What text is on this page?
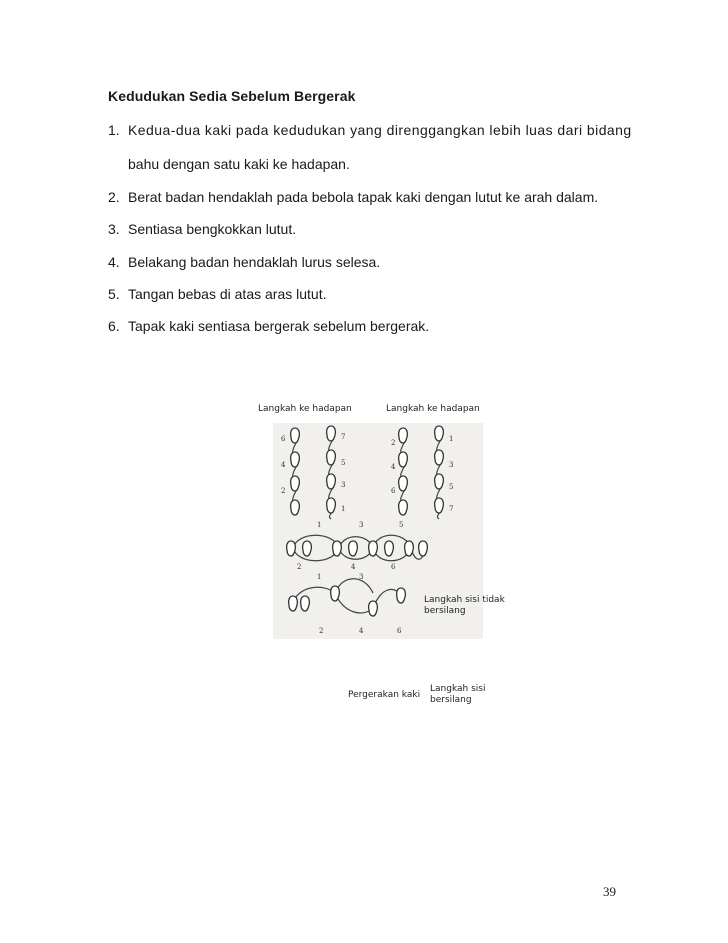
Kedudukan Sedia Sebelum Bergerak
1. Kedua-dua kaki pada kedudukan yang direnggangkan lebih luas dari bidang
bahu dengan satu kaki ke hadapan.
2. Berat badan hendaklah pada bebola tapak kaki dengan lutut ke arah dalam.
3. Sentiasa bengkokkan lutut.
4. Belakang badan hendaklah lurus selesa.
5. Tangan bebas di atas aras lutut.
6. Tapak kaki sentiasa bergerak sebelum bergerak.
Langkah ke hadapan	Langkah ke hadapan
6
4
2
7
5
3
1
2
4
6
1
3
5
7
1	3	5
2	4	6
1	3
2	4	6
Langkah sisi tidak
bersilang
Pergerakan kaki
Langkah sisi
bersilang
39
